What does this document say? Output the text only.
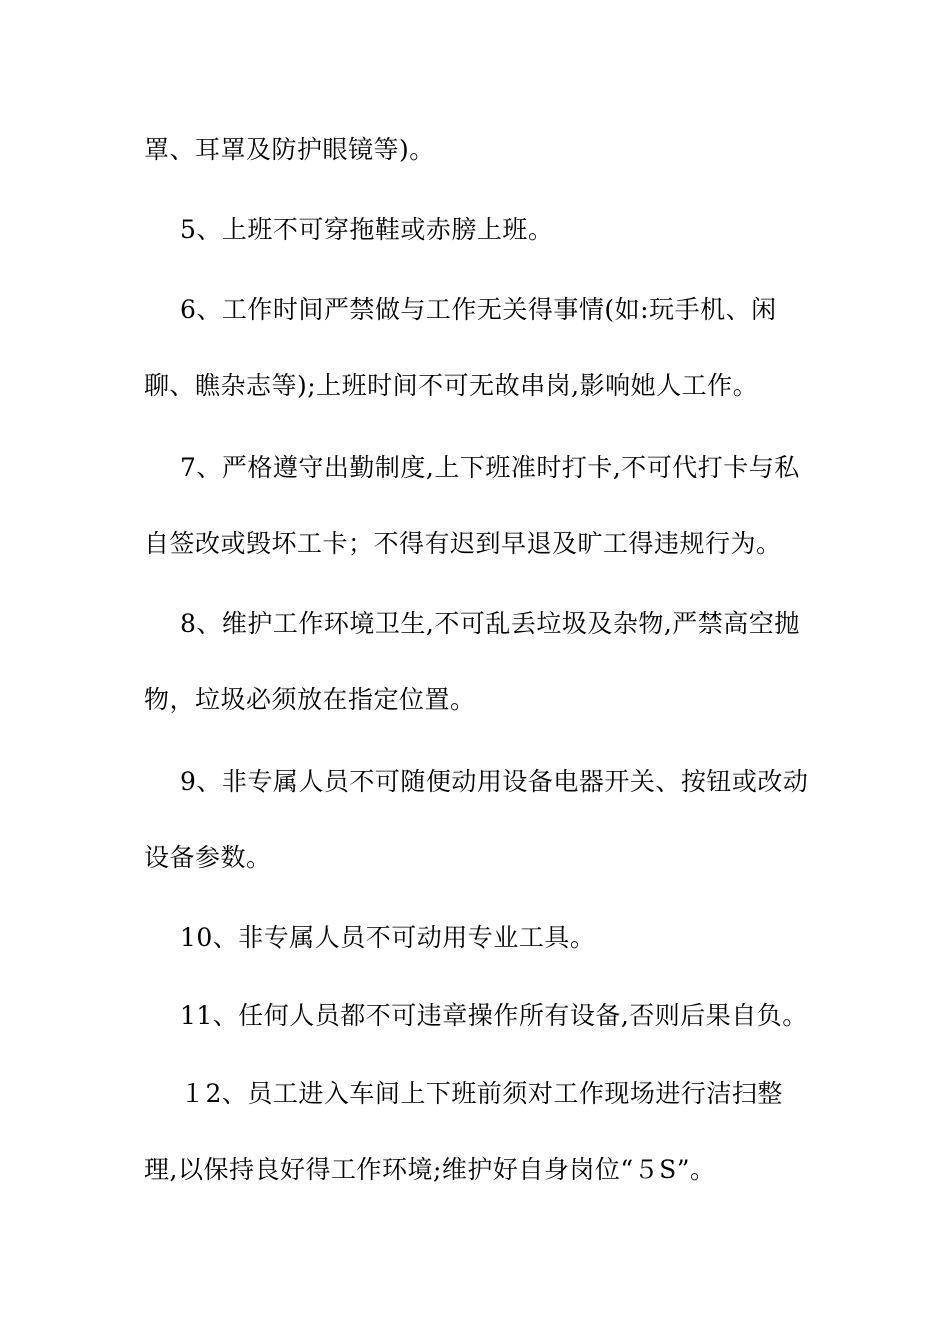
罩、耳罩及防护眼镜等)。
5、上班不可穿拖鞋或赤膀上班。
6、工作时间严禁做与工作无关得事情(如:玩手机、闲
聊、瞧杂志等);上班时间不可无故串岗,影响她人工作。
7、严格遵守出勤制度,上下班准时打卡,不可代打卡与私
自签改或毁坏工卡；不得有迟到早退及旷工得违规行为。
8、维护工作环境卫生,不可乱丢垃圾及杂物,严禁高空抛
物，垃圾必须放在指定位置。
9、非专属人员不可随便动用设备电器开关、按钮或改动
设备参数。
10、非专属人员不可动用专业工具。
11、任何人员都不可违章操作所有设备,否则后果自负。
１2、员工进入车间上下班前须对工作现场进行洁扫整
理,以保持良好得工作环境;维护好自身岗位“５S”。
